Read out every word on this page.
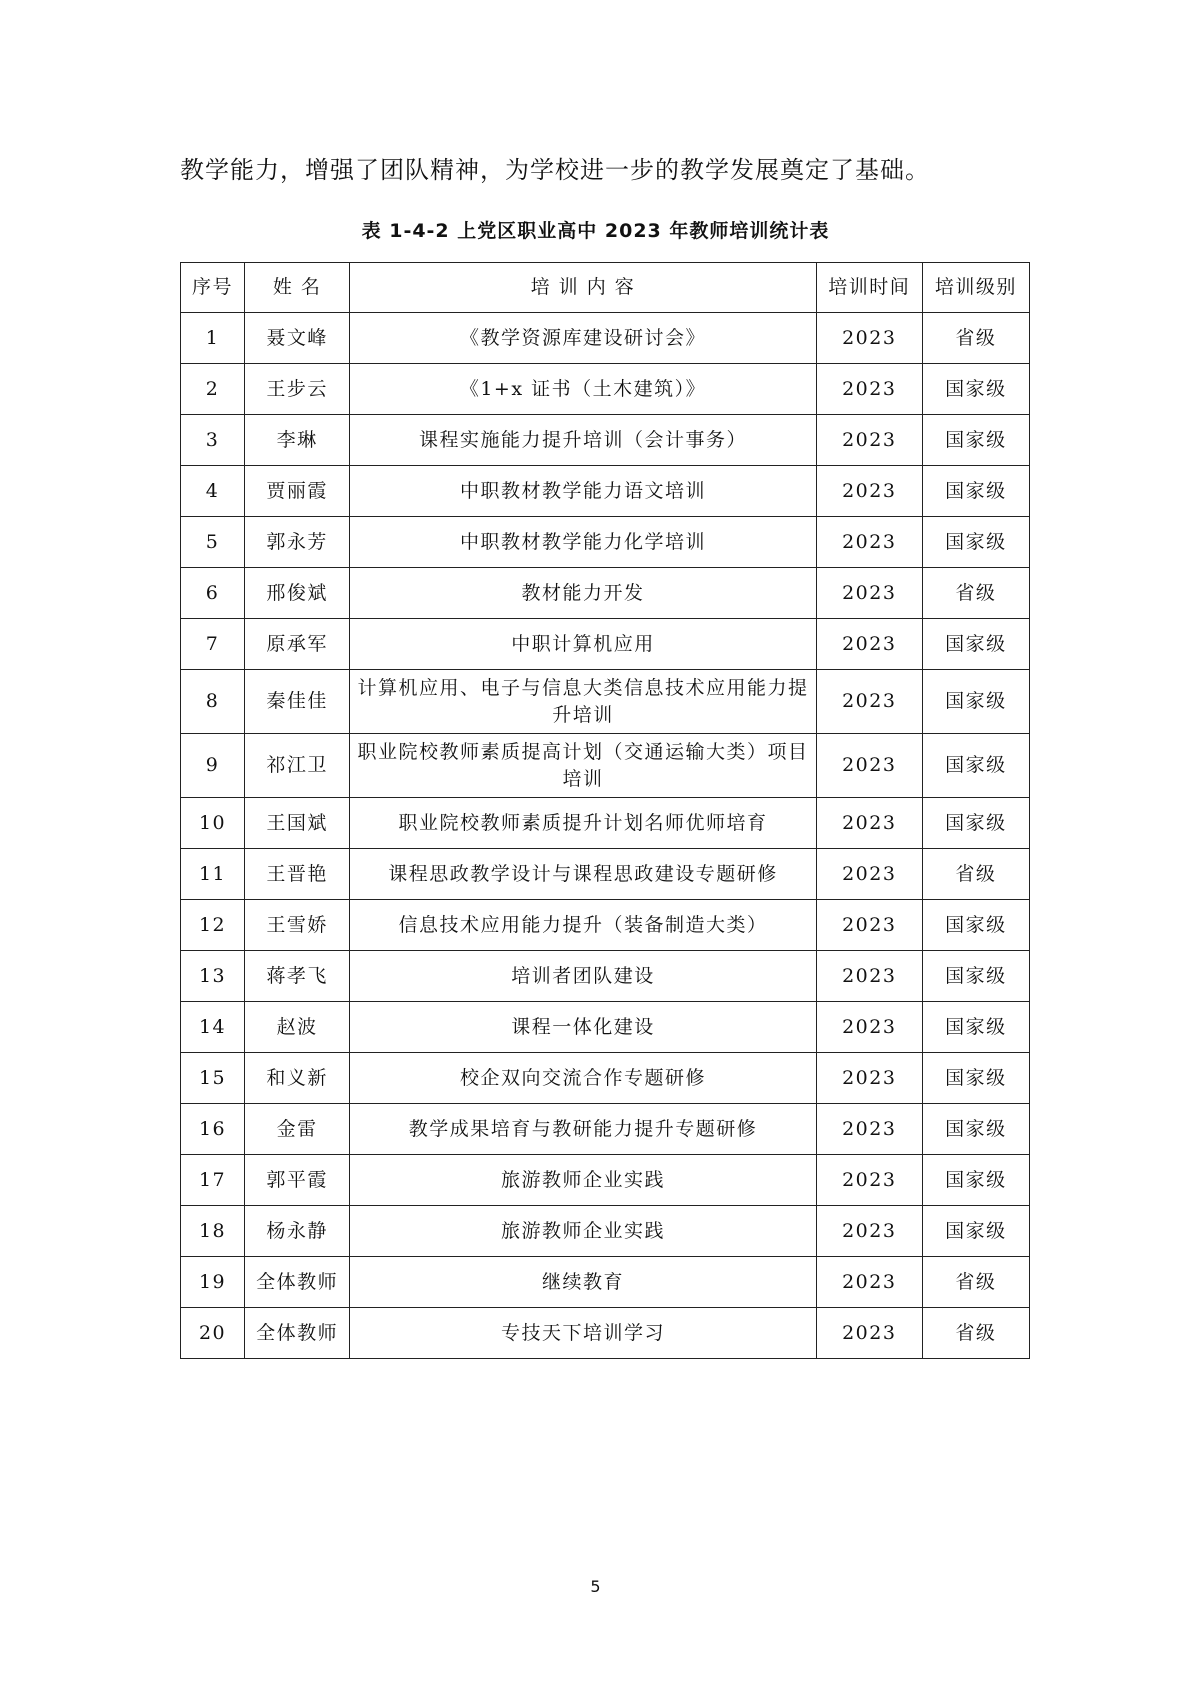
教学能力，增强了团队精神，为学校进一步的教学发展奠定了基础。
表 1-4-2 上党区职业高中 2023 年教师培训统计表
序号	姓 名	培 训 内 容	培训时间	培训级别
1	聂文峰	《教学资源库建设研讨会》	2023	省级
2	王步云	《1+x 证书（土木建筑）》	2023	国家级
3	李琳	课程实施能力提升培训（会计事务）	2023	国家级
4	贾丽霞	中职教材教学能力语文培训	2023	国家级
5	郭永芳	中职教材教学能力化学培训	2023	国家级
6	邢俊斌	教材能力开发	2023	省级
7	原承军	中职计算机应用	2023	国家级
8	秦佳佳	计算机应用、电子与信息大类信息技术应用能力提升培训	2023	国家级
9	祁江卫	职业院校教师素质提高计划（交通运输大类）项目培训	2023	国家级
10	王国斌	职业院校教师素质提升计划名师优师培育	2023	国家级
11	王晋艳	课程思政教学设计与课程思政建设专题研修	2023	省级
12	王雪娇	信息技术应用能力提升（装备制造大类）	2023	国家级
13	蒋孝飞	培训者团队建设	2023	国家级
14	赵波	课程一体化建设	2023	国家级
15	和义新	校企双向交流合作专题研修	2023	国家级
16	金雷	教学成果培育与教研能力提升专题研修	2023	国家级
17	郭平霞	旅游教师企业实践	2023	国家级
18	杨永静	旅游教师企业实践	2023	国家级
19	全体教师	继续教育	2023	省级
20	全体教师	专技天下培训学习	2023	省级
5
